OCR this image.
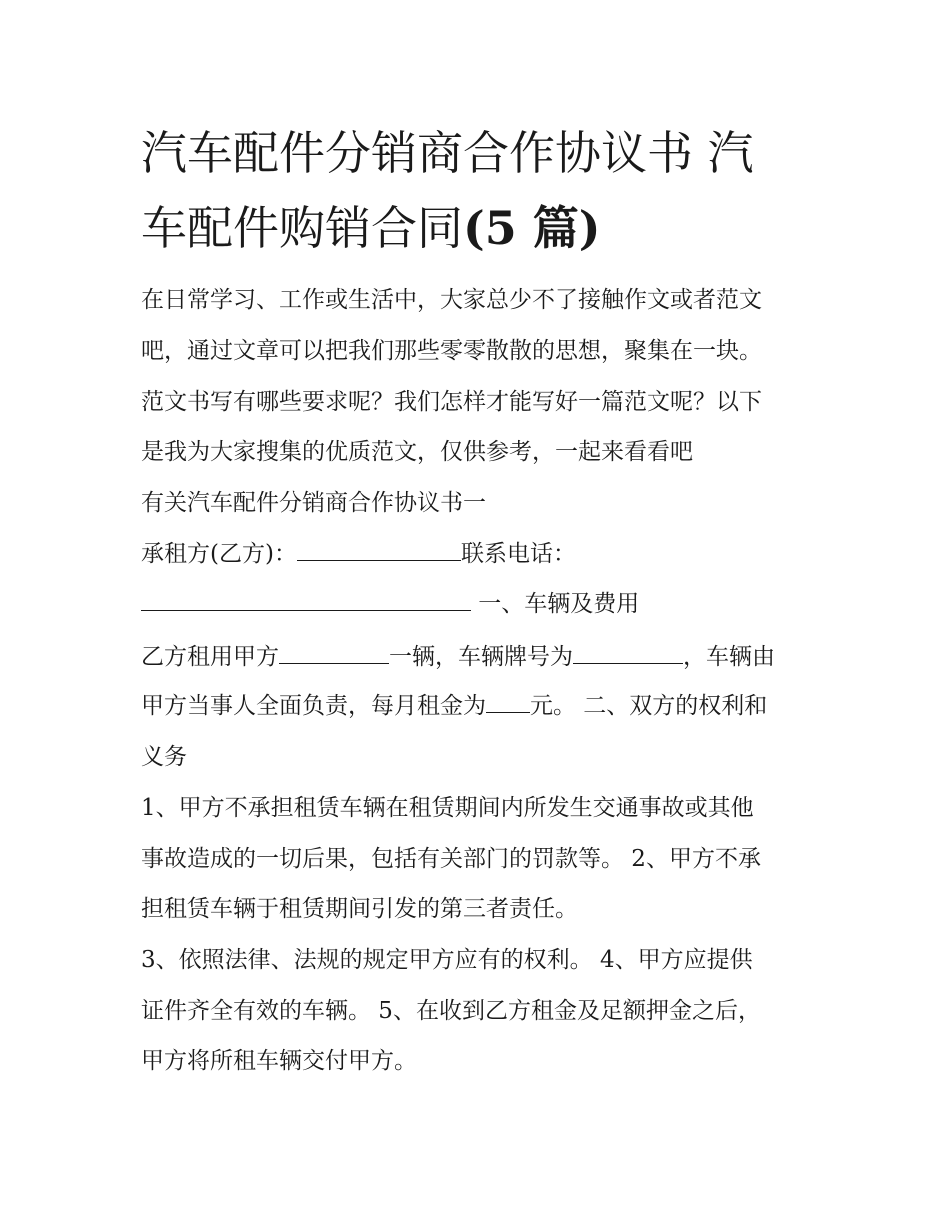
汽车配件分销商合作协议书 汽
车配件购销合同(5 篇)

在日常学习、工作或生活中，大家总少不了接触作文或者范文

吧，通过文章可以把我们那些零零散散的思想，聚集在一块。

范文书写有哪些要求呢？我们怎样才能写好一篇范文呢？以下

是我为大家搜集的优质范文，仅供参考，一起来看看吧

有关汽车配件分销商合作协议书一

承租方(乙方)：	联系电话：

一、车辆及费用

乙方租用甲方	一辆，车辆牌号为	，车辆由

甲方当事人全面负责，每月租金为 元。 二、双方的权利和

义务

1、甲方不承担租赁车辆在租赁期间内所发生交通事故或其他

事故造成的一切后果，包括有关部门的罚款等。 2、甲方不承

担租赁车辆于租赁期间引发的第三者责任。

3、依照法律、法规的规定甲方应有的权利。 4、甲方应提供

证件齐全有效的车辆。 5、在收到乙方租金及足额押金之后，

甲方将所租车辆交付甲方。
